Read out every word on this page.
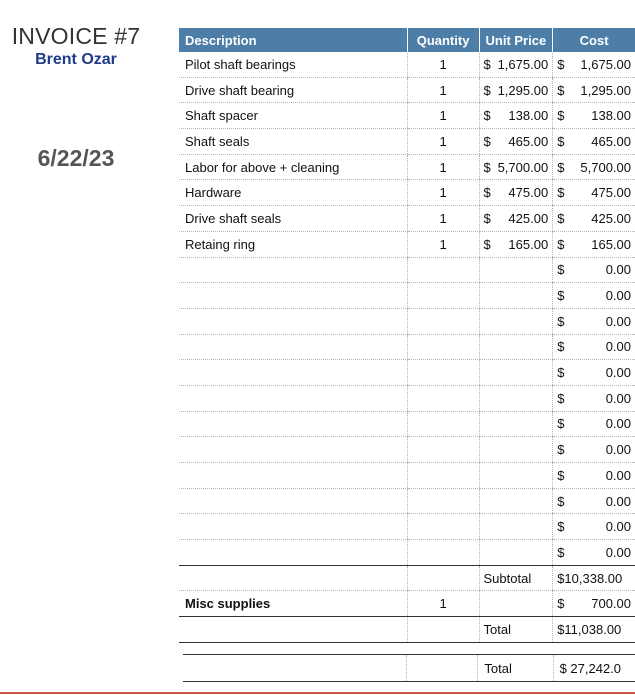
INVOICE #7
Brent Ozar
6/22/23
Description	Quantity	Unit Price	Cost
Pilot shaft bearings	1	$ 1,675.00	$ 1,675.00

Drive shaft bearing	1	$ 1,295.00	$ 1,295.00

Shaft spacer	1	$ 138.00	$ 138.00

Shaft seals	1	$ 465.00	$ 465.00

Labor for above + cleaning	1	$ 5,700.00	$ 5,700.00

Hardware	1	$ 475.00	$ 475.00

Drive shaft seals	1	$ 425.00	$ 425.00

Retaing ring	1	$ 165.00	$ 165.00

			$ 0.00

			$ 0.00

			$ 0.00

			$ 0.00

			$ 0.00

			$ 0.00

			$ 0.00

			$ 0.00

			$ 0.00

			$ 0.00

			$ 0.00

			$ 0.00

		Subtotal	$10,338.00
Misc supplies	1		$ 700.00

		Total	$11,038.00
		Total	$ 27,242.0
